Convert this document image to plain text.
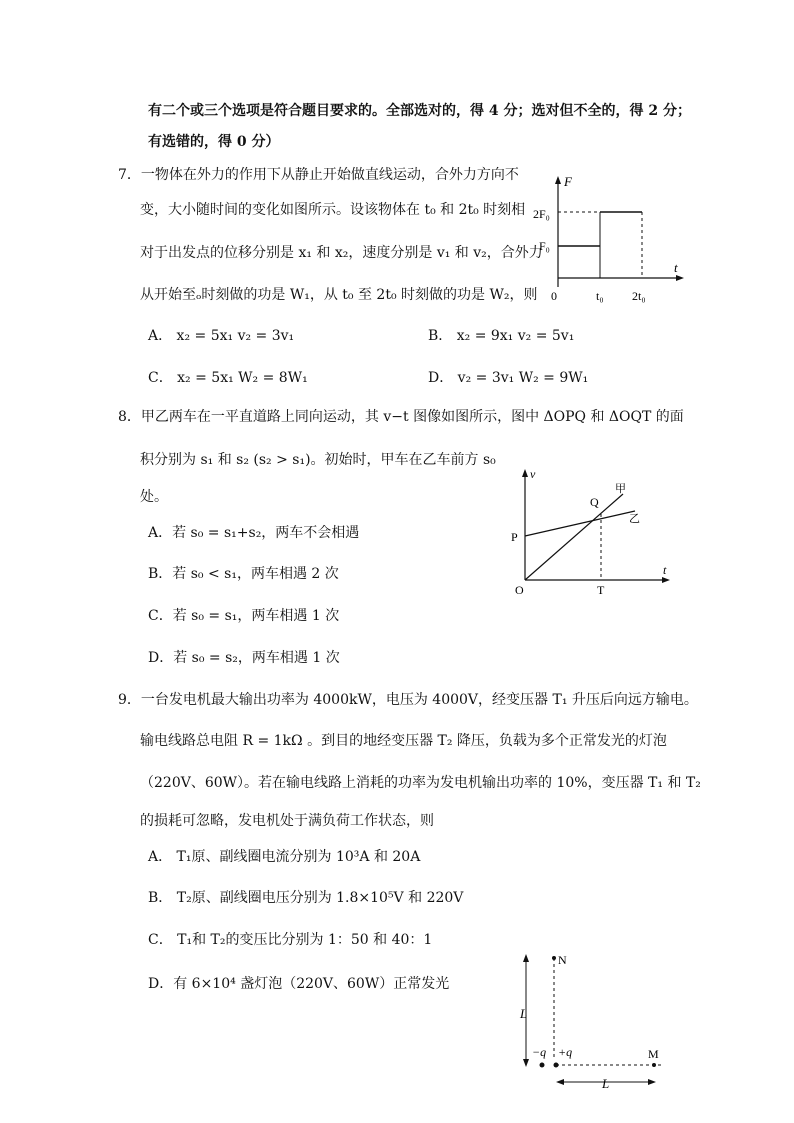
有二个或三个选项是符合题目要求的。全部选对的，得 4 分；选对但不全的，得 2 分；
有选错的，得 0 分）
7．一物体在外力的作用下从静止开始做直线运动，合外力方向不
变，大小随时间的变化如图所示。设该物体在 t₀ 和 2t₀ 时刻相
对于出发点的位移分别是 x₁ 和 x₂，速度分别是 v₁ 和 v₂，合外力
从开始至ₒ时刻做的功是 W₁，从 t₀ 至 2t₀ 时刻做的功是 W₂，则
A． x₂ = 5x₁ v₂ = 3v₁	B． x₂ = 9x₁ v₂ = 5v₁
C． x₂ = 5x₁ W₂ = 8W₁	D． v₂ = 3v₁ W₂ = 9W₁
F
t
0
2F₀
F₀
t₀ 2t₀
8．甲乙两车在一平直道路上同向运动，其 v−t 图像如图所示，图中 ΔOPQ 和 ΔOQT 的面
积分别为 s₁ 和 s₂ (s₂ > s₁)。初始时，甲车在乙车前方 s₀
处。
A．若 s₀ = s₁+s₂，两车不会相遇
B．若 s₀ < s₁，两车相遇 2 次
C．若 s₀ = s₁，两车相遇 1 次
D．若 s₀ = s₂，两车相遇 1 次
v
t
O
P
Q
T
甲
乙
9．一台发电机最大输出功率为 4000kW，电压为 4000V，经变压器 T₁ 升压后向远方输电。
输电线路总电阻 R = 1kΩ 。到目的地经变压器 T₂ 降压，负载为多个正常发光的灯泡
（220V、60W）。若在输电线路上消耗的功率为发电机输出功率的 10%，变压器 T₁ 和 T₂
的损耗可忽略，发电机处于满负荷工作状态，则
A． T₁原、副线圈电流分别为 10³A 和 20A
B． T₂原、副线圈电压分别为 1.8×10⁵V 和 220V
C． T₁和 T₂的变压比分别为 1：50 和 40：1
D．有 6×10⁴ 盏灯泡（220V、60W）正常发光
L
N
−q +q	M
L
